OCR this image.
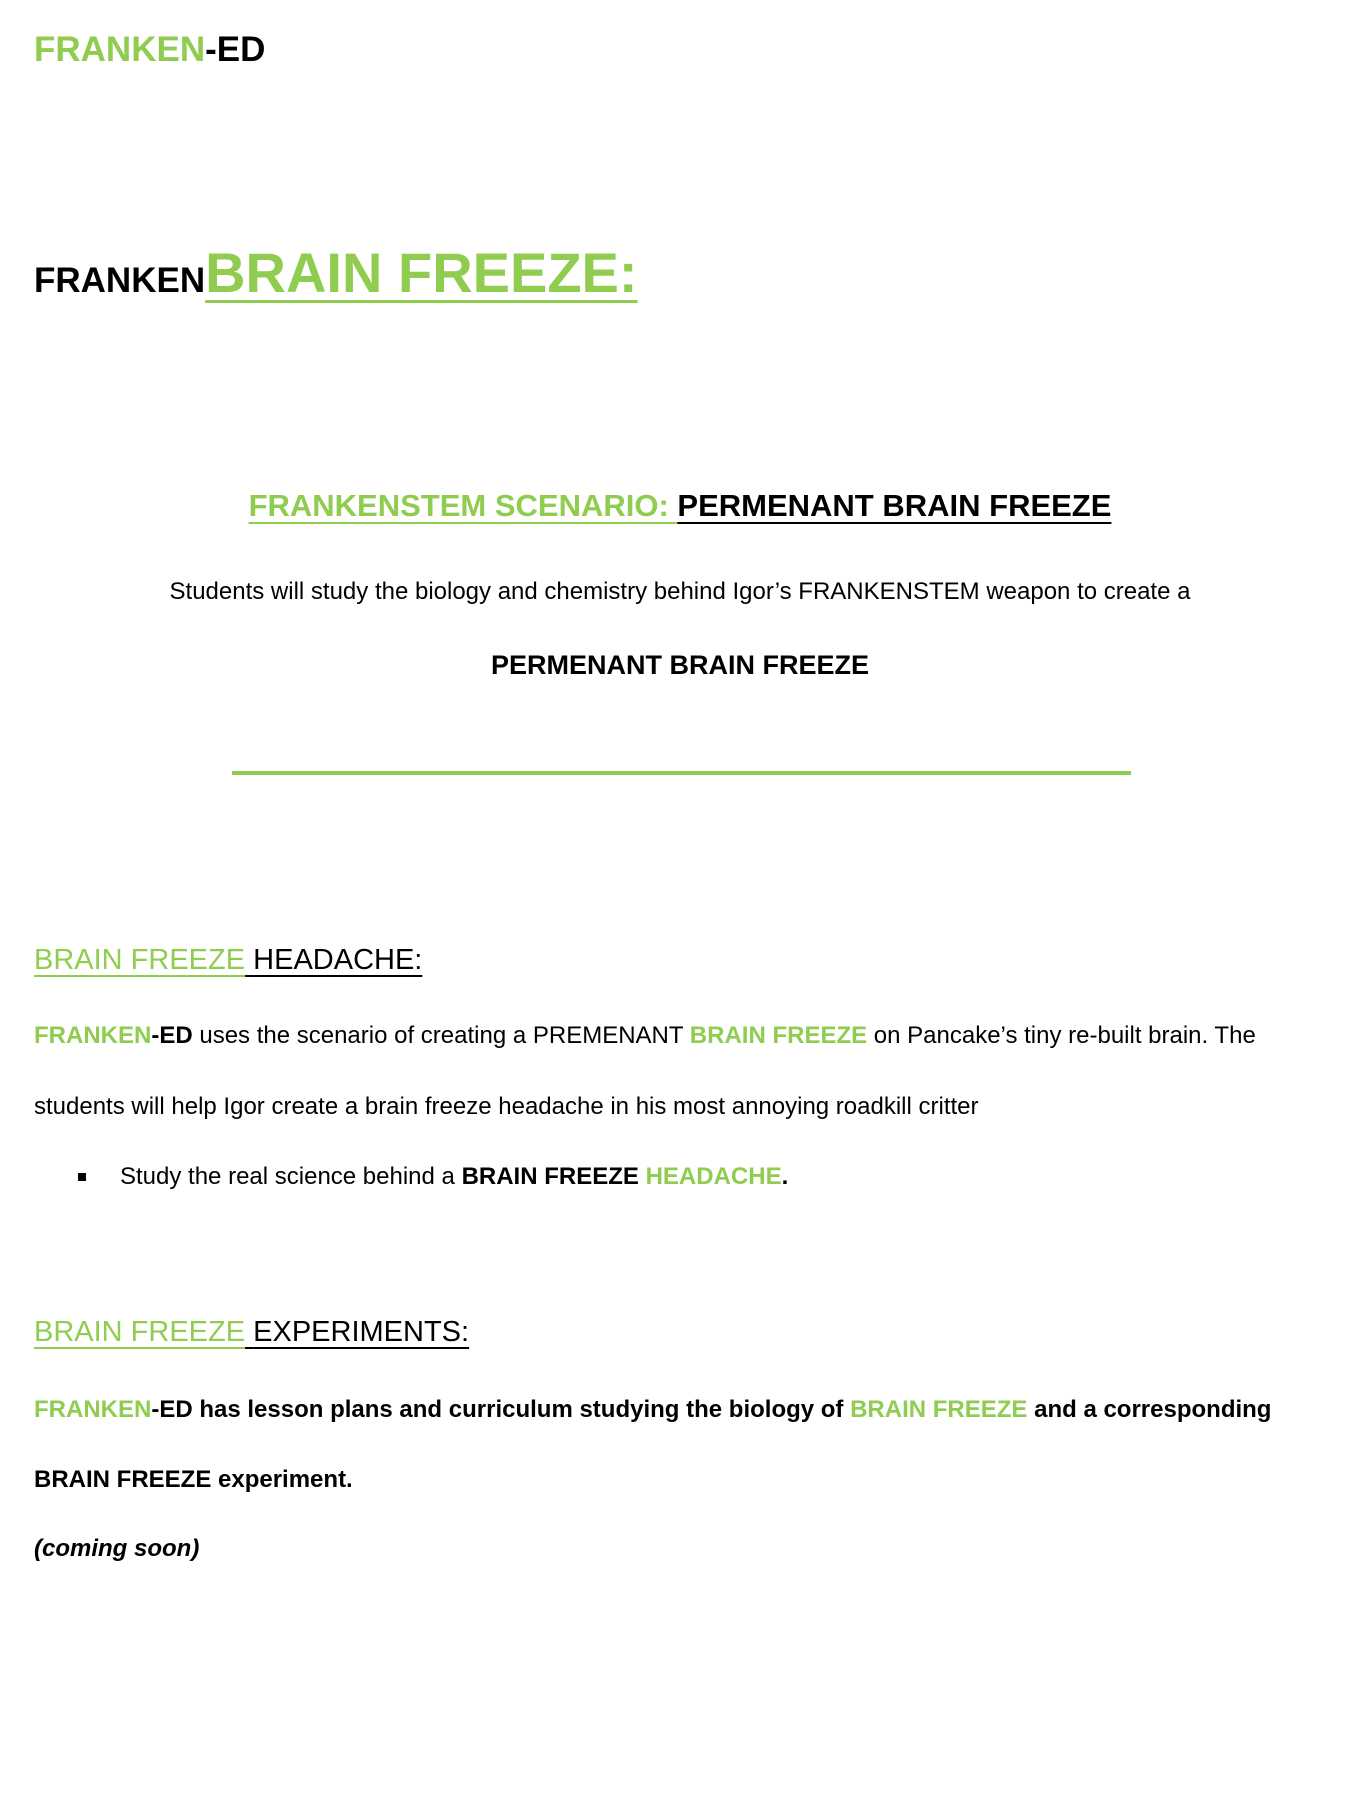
FRANKEN-ED
FRANKEN BRAIN FREEZE:
FRANKENSTEM SCENARIO: PERMENANT BRAIN FREEZE
Students will study the biology and chemistry behind Igor’s FRANKENSTEM weapon to create a
PERMENANT BRAIN FREEZE
BRAIN FREEZE HEADACHE:
FRANKEN-ED uses the scenario of creating a PREMENANT BRAIN FREEZE on Pancake’s tiny re-built brain. The
students will help Igor create a brain freeze headache in his most annoying roadkill critter
Study the real science behind a BRAIN FREEZE HEADACHE.
BRAIN FREEZE EXPERIMENTS:
FRANKEN-ED has lesson plans and curriculum studying the biology of BRAIN FREEZE and a corresponding
BRAIN FREEZE experiment.
(coming soon)
